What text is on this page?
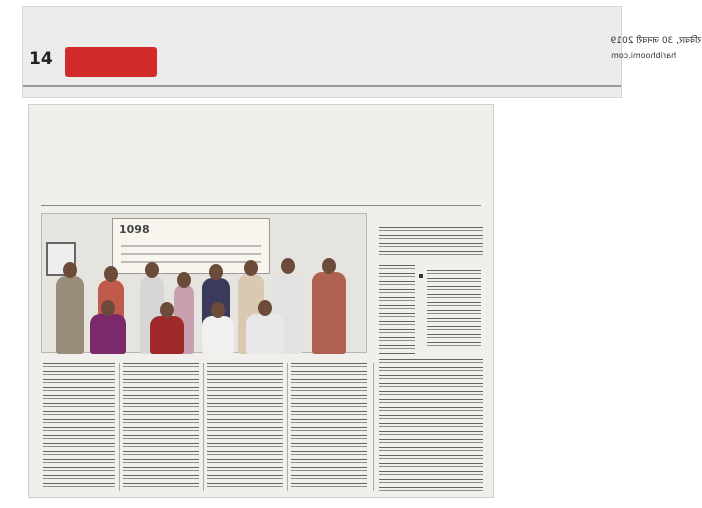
14
रविवार, 30 जनवरी 2019
haribhoomi.com
1098
